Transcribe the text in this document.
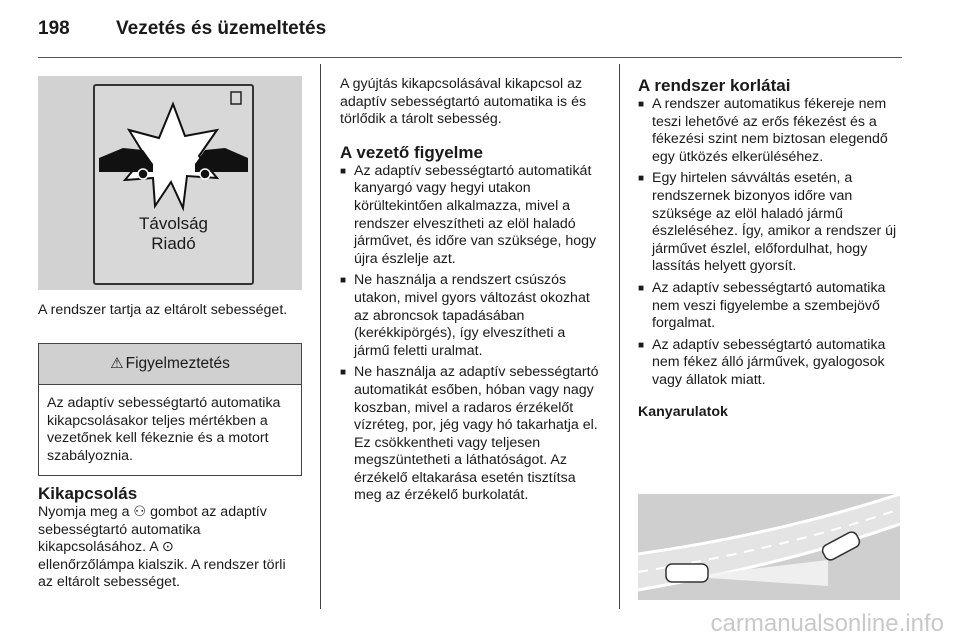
198 Vezetés és üzemeltetés
Távolság
Riadó

A rendszer tartja az eltárolt sebességet.

⚠ Figyelmeztetés
Az adaptív sebességtartó automatika kikapcsolásakor teljes mértékben a vezetőnek kell fékeznie és a motort szabályoznia.
Kikapcsolás
Nyomja meg a ⚇ gombot az adaptív sebességtartó automatika kikapcsolásához. A ⊙
ellenőrzőlámpa kialszik. A rendszer törli az eltárolt sebességet.

A gyújtás kikapcsolásával kikapcsol az adaptív sebességtartó automatika is és törlődik a tárolt sebesség.

A vezető figyelme
■ Az adaptív sebességtartó automatikát kanyargó vagy hegyi utakon körültekintően alkalmazza, mivel a rendszer elveszítheti az elöl haladó járművet, és időre van szüksége, hogy újra észlelje azt.
■ Ne használja a rendszert csúszós utakon, mivel gyors változást okozhat az abroncsok tapadásában (kerékkipörgés), így elveszítheti a jármű feletti uralmat.
■ Ne használja az adaptív sebességtartó automatikát esőben, hóban vagy nagy koszban, mivel a radaros érzékelőt vízréteg, por, jég vagy hó takarhatja el. Ez csökkentheti vagy teljesen megszüntetheti a láthatóságot. Az érzékelő eltakarása esetén tisztítsa meg az érzékelő burkolatát.
A rendszer korlátai
■ A rendszer automatikus fékereje nem teszi lehetővé az erős fékezést és a fékezési szint nem biztosan elegendő egy ütközés elkerüléséhez.
■ Egy hirtelen sávváltás esetén, a rendszernek bizonyos időre van szüksége az elöl haladó jármű észleléséhez. Így, amikor a rendszer új járművet észlel, előfordulhat, hogy lassítás helyett gyorsít.
■ Az adaptív sebességtartó automatika nem veszi figyelembe a szembejövő forgalmat.
■ Az adaptív sebességtartó automatika nem fékez álló járművek, gyalogosok vagy állatok miatt.
Kanyarulatok
carmanualsonline.info
